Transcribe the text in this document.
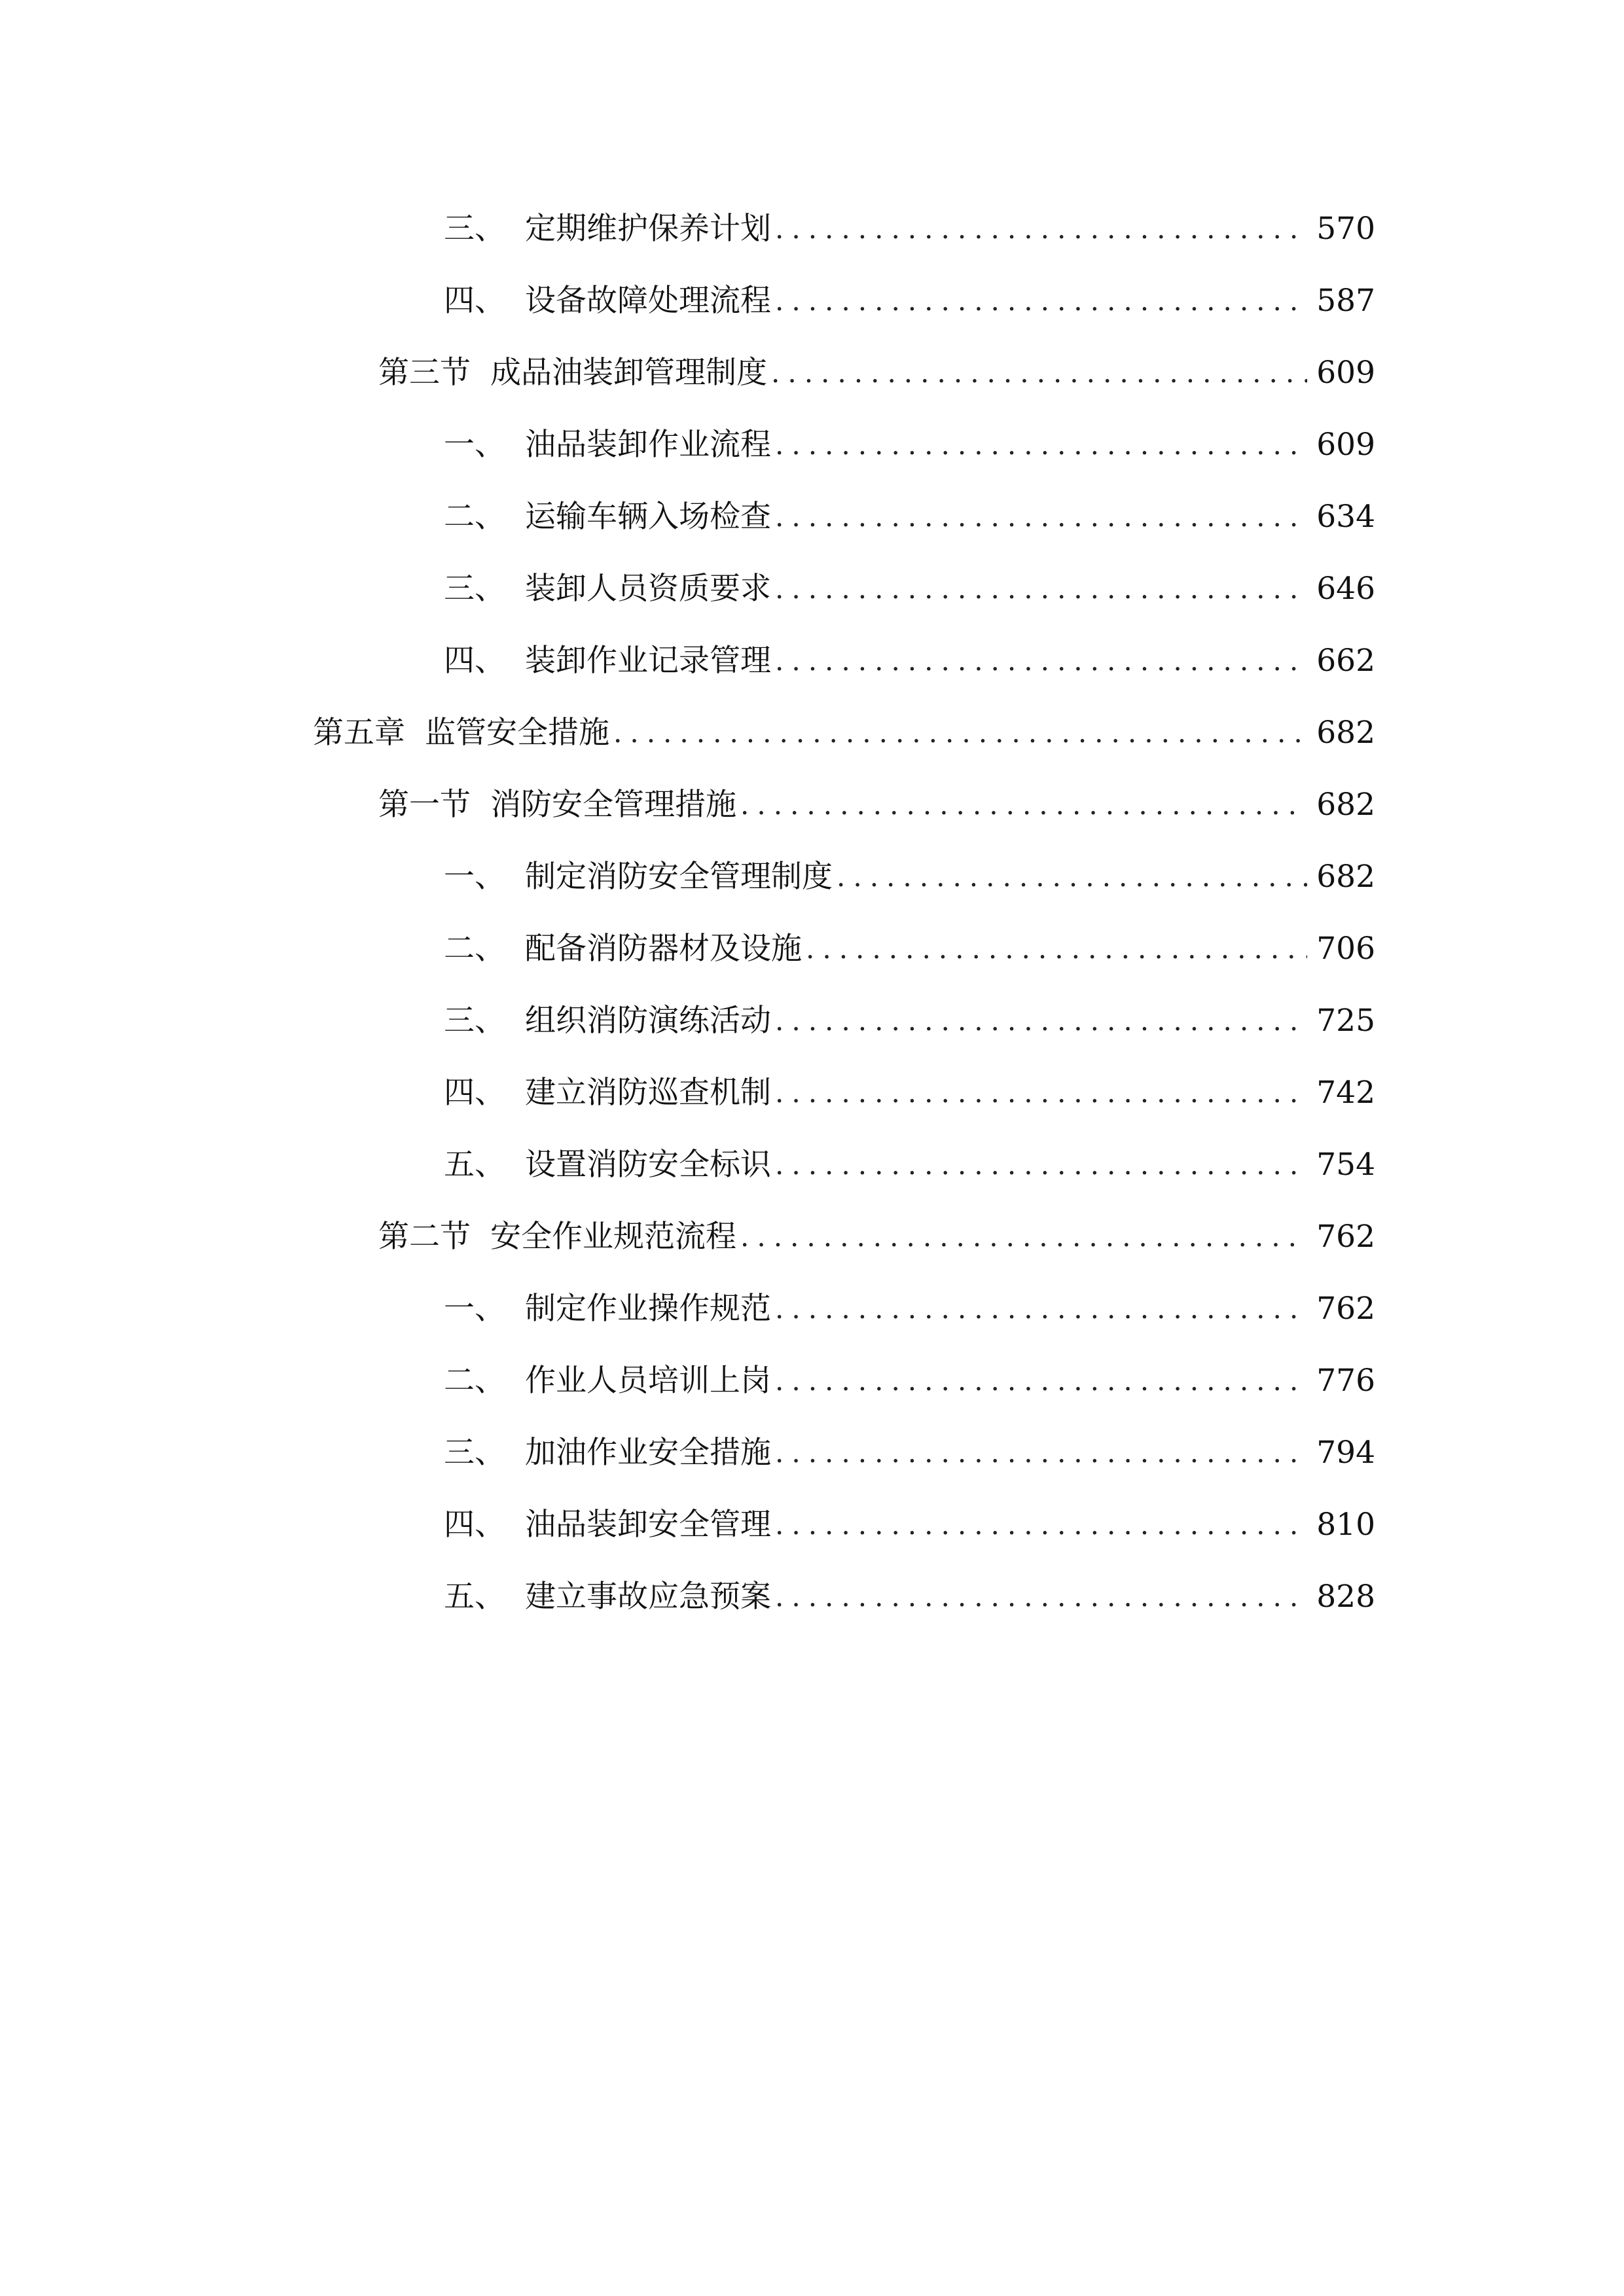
三、 定期维护保养计划 .....	570
四、 设备故障处理流程 .....	587
第三节 成品油装卸管理制度 .....	609
一、 油品装卸作业流程 .....	609
二、 运输车辆入场检查 .....	634
三、 装卸人员资质要求 .....	646
四、 装卸作业记录管理 .....	662
第五章 监管安全措施 .....	682
第一节 消防安全管理措施 .....	682
一、 制定消防安全管理制度 .....	682
二、 配备消防器材及设施 .....	706
三、 组织消防演练活动 .....	725
四、 建立消防巡查机制 .....	742
五、 设置消防安全标识 .....	754
第二节 安全作业规范流程 .....	762
一、 制定作业操作规范 .....	762
二、 作业人员培训上岗 .....	776
三、 加油作业安全措施 .....	794
四、 油品装卸安全管理 .....	810
五、 建立事故应急预案 .....	828
